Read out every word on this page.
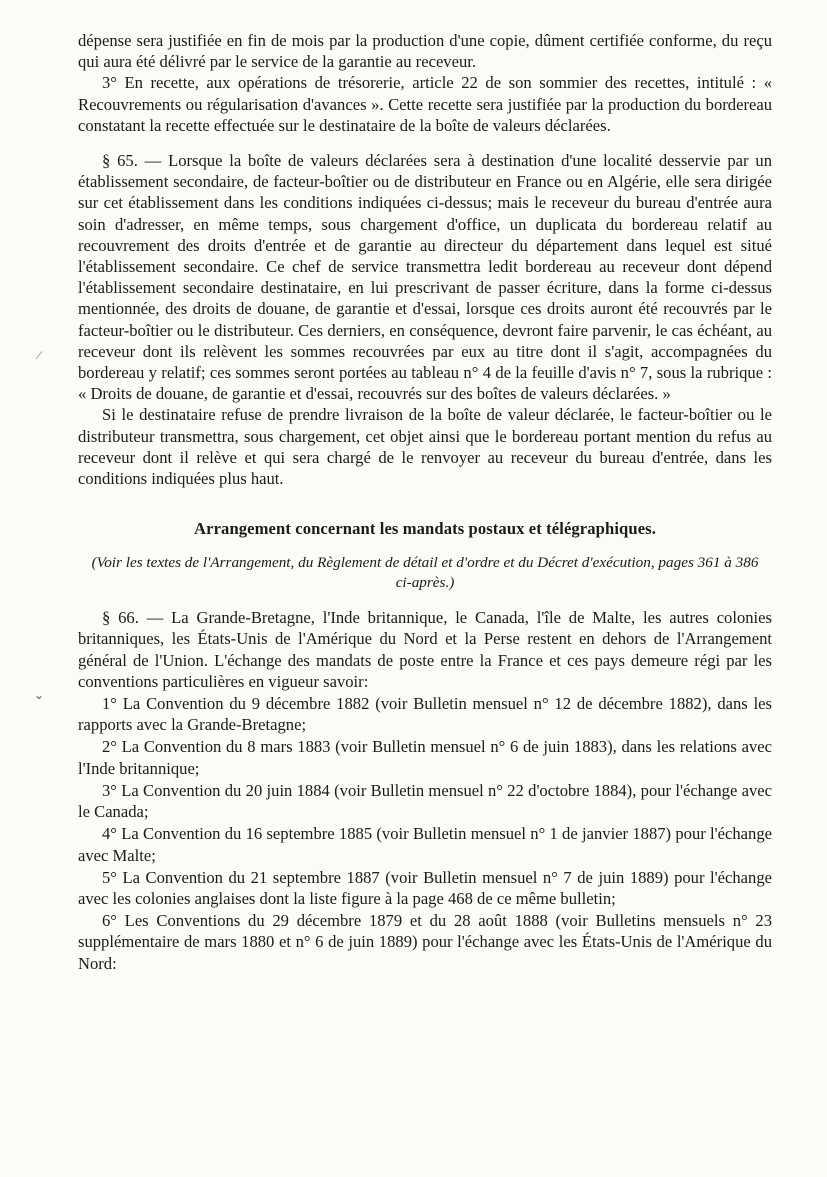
⁄
⌄

dépense sera justifiée en fin de mois par la production d'une copie, dûment certifiée conforme, du reçu qui aura été délivré par le service de la garantie au receveur.

3° En recette, aux opérations de trésorerie, article 22 de son sommier des recettes, intitulé : « Recouvrements ou régularisation d'avances ». Cette recette sera justifiée par la production du bordereau constatant la recette effectuée sur le destinataire de la boîte de valeurs déclarées.

§ 65. — Lorsque la boîte de valeurs déclarées sera à destination d'une localité desservie par un établissement secondaire, de facteur-boîtier ou de distributeur en France ou en Algérie, elle sera dirigée sur cet établissement dans les conditions indiquées ci-dessus; mais le receveur du bureau d'entrée aura soin d'adresser, en même temps, sous chargement d'office, un duplicata du bordereau relatif au recouvrement des droits d'entrée et de garantie au directeur du département dans lequel est situé l'établissement secondaire. Ce chef de service transmettra ledit bordereau au receveur dont dépend l'établissement secondaire destinataire, en lui prescrivant de passer écriture, dans la forme ci-dessus mentionnée, des droits de douane, de garantie et d'essai, lorsque ces droits auront été recouvrés par le facteur-boîtier ou le distributeur. Ces derniers, en conséquence, devront faire parvenir, le cas échéant, au receveur dont ils relèvent les sommes recouvrées par eux au titre dont il s'agit, accompagnées du bordereau y relatif; ces sommes seront portées au tableau n° 4 de la feuille d'avis n° 7, sous la rubrique : « Droits de douane, de garantie et d'essai, recouvrés sur des boîtes de valeurs déclarées. »

Si le destinataire refuse de prendre livraison de la boîte de valeur déclarée, le facteur-boîtier ou le distributeur transmettra, sous chargement, cet objet ainsi que le bordereau portant mention du refus au receveur dont il relève et qui sera chargé de le renvoyer au receveur du bureau d'entrée, dans les conditions indiquées plus haut.

Arrangement concernant les mandats postaux et télégraphiques.
(Voir les textes de l'Arrangement, du Règlement de détail et d'ordre et du Décret d'exécution, pages 361 à 386 ci-après.)

§ 66. — La Grande-Bretagne, l'Inde britannique, le Canada, l'île de Malte, les autres colonies britanniques, les États-Unis de l'Amérique du Nord et la Perse restent en dehors de l'Arrangement général de l'Union. L'échange des mandats de poste entre la France et ces pays demeure régi par les conventions particulières en vigueur savoir:

1° La Convention du 9 décembre 1882 (voir Bulletin mensuel n° 12 de décembre 1882), dans les rapports avec la Grande-Bretagne;

2° La Convention du 8 mars 1883 (voir Bulletin mensuel n° 6 de juin 1883), dans les relations avec l'Inde britannique;

3° La Convention du 20 juin 1884 (voir Bulletin mensuel n° 22 d'octobre 1884), pour l'échange avec le Canada;

4° La Convention du 16 septembre 1885 (voir Bulletin mensuel n° 1 de janvier 1887) pour l'échange avec Malte;

5° La Convention du 21 septembre 1887 (voir Bulletin mensuel n° 7 de juin 1889) pour l'échange avec les colonies anglaises dont la liste figure à la page 468 de ce même bulletin;

6° Les Conventions du 29 décembre 1879 et du 28 août 1888 (voir Bulletins mensuels n° 23 supplémentaire de mars 1880 et n° 6 de juin 1889) pour l'échange avec les États-Unis de l'Amérique du Nord:
